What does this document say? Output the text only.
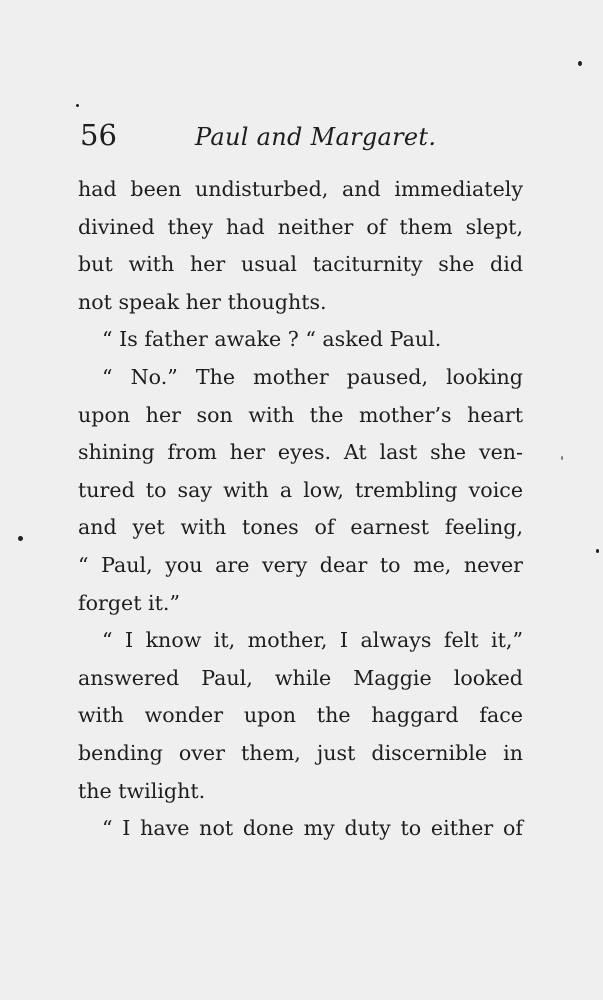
56	Paul and Margaret.
had been undisturbed, and immediately
divined they had neither of them slept,
but with her usual taciturnity she did
not speak her thoughts.
“ Is father awake ? “ asked Paul.
“ No.” The mother paused, looking
upon her son with the mother’s heart
shining from her eyes. At last she ven-
tured to say with a low, trembling voice
and yet with tones of earnest feeling,
“ Paul, you are very dear to me, never
forget it.”
“ I know it, mother, I always felt it,”
answered Paul, while Maggie looked
with wonder upon the haggard face
bending over them, just discernible in
the twilight.
“ I have not done my duty to either of
